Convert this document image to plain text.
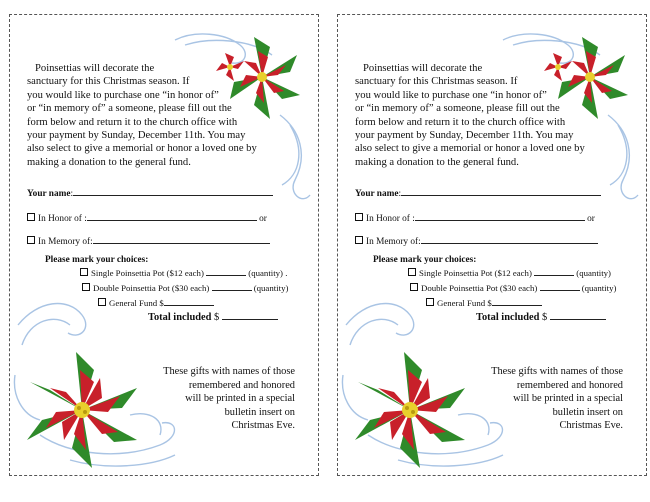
Poinsettias will decorate the
sanctuary for this Christmas season. If
you would like to purchase one “in honor of”
or “in memory of” a someone, please fill out the
form below and return it to the church office with
your payment by Sunday, December 11th. You may
also select to give a memorial or honor a loved one by
making a donation to the general fund.
Your name:
In Honor of :	or
In Memory of:
Please mark your choices:
Single Poinsettia Pot ($12 each)	(quantity) .
Double Poinsettia Pot ($30 each)	(quantity)
General Fund $
Total included $
These gifts with names of those
remembered and honored
will be printed in a special
bulletin insert on
Christmas Eve.
Poinsettias will decorate the
sanctuary for this Christmas season. If
you would like to purchase one “in honor of”
or “in memory of” a someone, please fill out the
form below and return it to the church office with
your payment by Sunday, December 11th. You may
also select to give a memorial or honor a loved one by
making a donation to the general fund.
Your name:
In Honor of :	or
In Memory of:
Please mark your choices:
Single Poinsettia Pot ($12 each)	(quantity)
Double Poinsettia Pot ($30 each)	(quantity)
General Fund $
Total included $
These gifts with names of those
remembered and honored
will be printed in a special
bulletin insert on
Christmas Eve.
